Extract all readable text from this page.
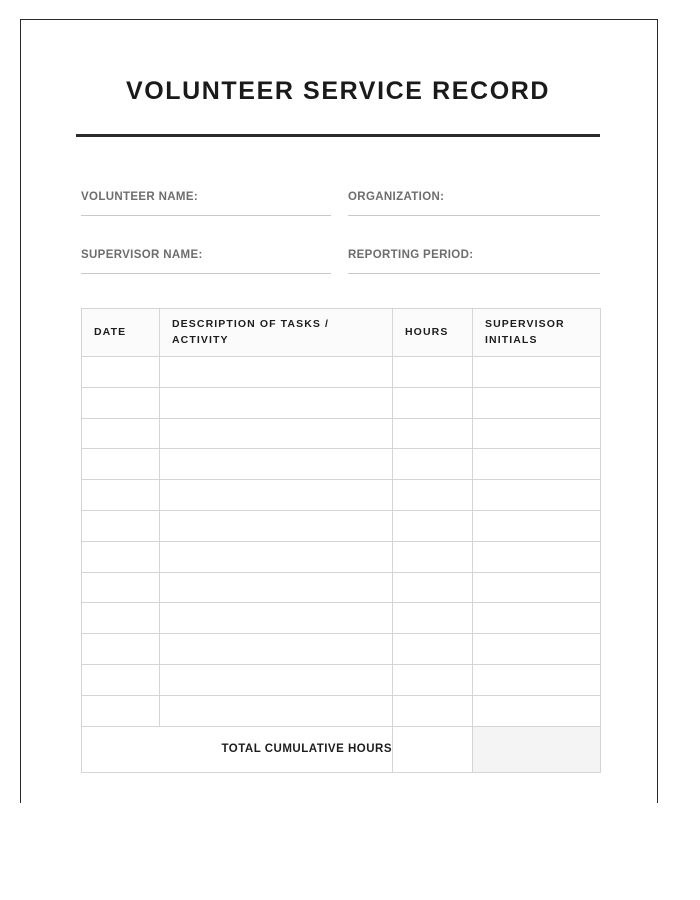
VOLUNTEER SERVICE RECORD
VOLUNTEER NAME:	ORGANIZATION:
SUPERVISOR NAME:	REPORTING PERIOD:
DATE	DESCRIPTION OF TASKS / ACTIVITY	HOURS	SUPERVISOR INITIALS

TOTAL CUMULATIVE HOURS			
